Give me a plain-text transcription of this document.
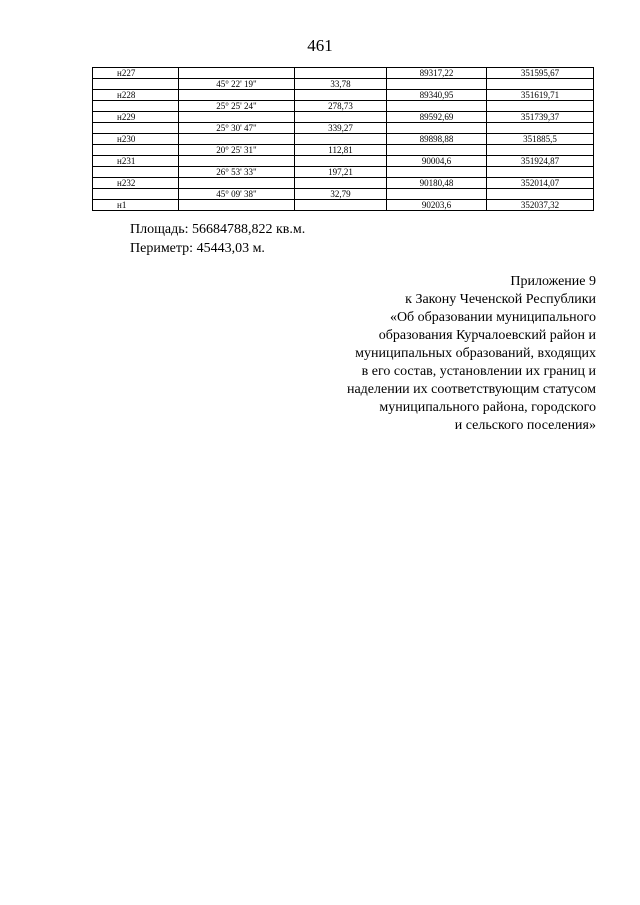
461
н227			89317,22	351595,67
	45° 22' 19"	33,78		
н228			89340,95	351619,71
	25° 25' 24"	278,73		
н229			89592,69	351739,37
	25° 30' 47"	339,27		
н230			89898,88	351885,5
	20° 25' 31"	112,81		
н231			90004,6	351924,87
	26° 53' 33"	197,21		
н232			90180,48	352014,07
	45° 09' 38"	32,79		
н1			90203,6	352037,32
Площадь: 56684788,822 кв.м.
Периметр: 45443,03 м.
Приложение 9
к Закону Чеченской Республики
«Об образовании муниципального
образования Курчалоевский район и
муниципальных образований, входящих
в его состав, установлении их границ и
наделении их соответствующим статусом
муниципального района, городского
и сельского поселения»
